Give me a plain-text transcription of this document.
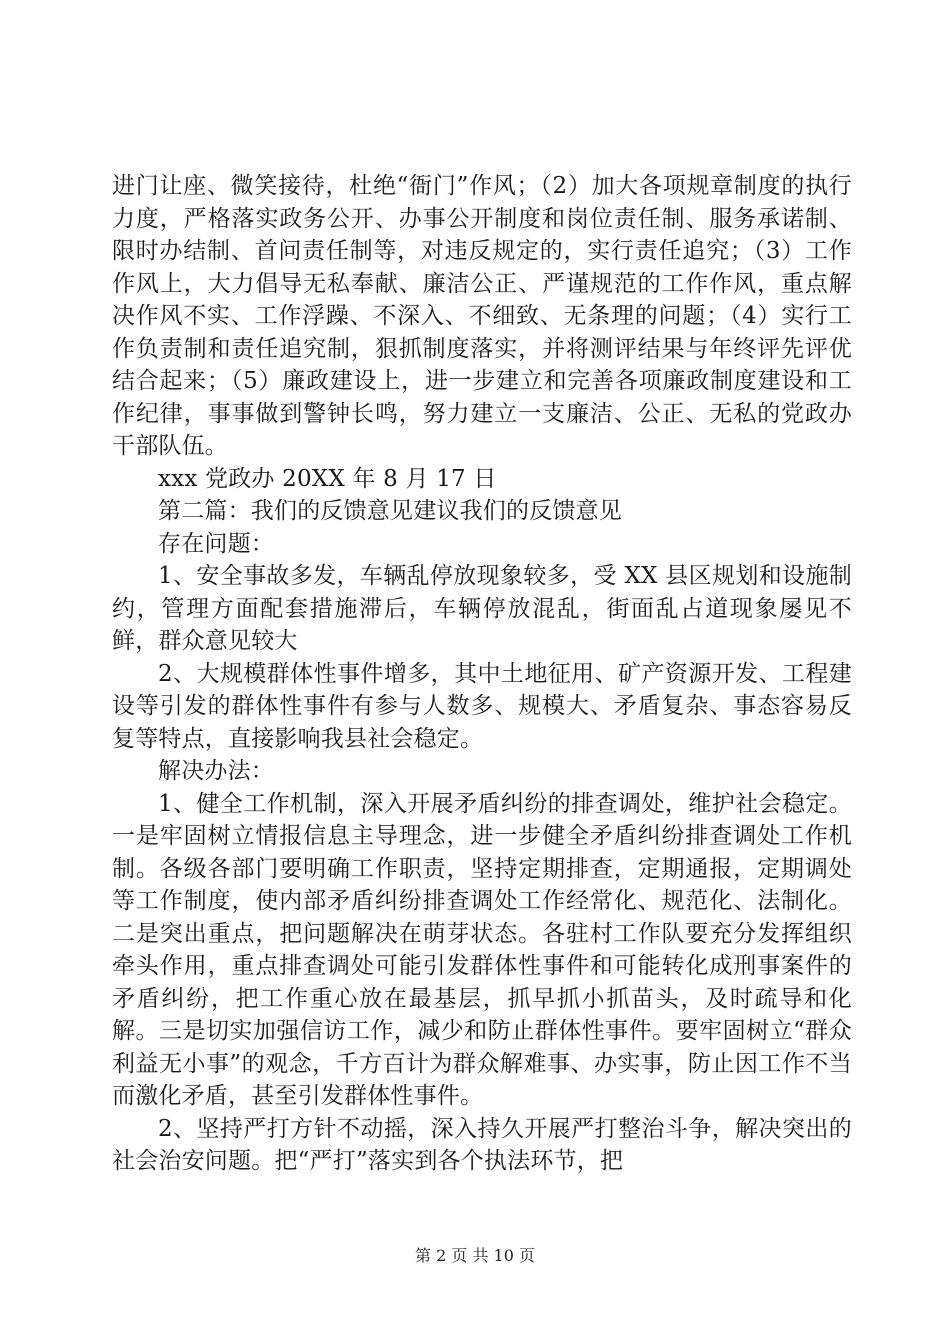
进门让座、微笑接待，杜绝“衙门”作风；（2）加大各项规章制度的执行力度，严格落实政务公开、办事公开制度和岗位责任制、服务承诺制、限时办结制、首问责任制等，对违反规定的，实行责任追究；（3）工作作风上，大力倡导无私奉献、廉洁公正、严谨规范的工作作风，重点解决作风不实、工作浮躁、不深入、不细致、无条理的问题；（4）实行工作负责制和责任追究制，狠抓制度落实，并将测评结果与年终评先评优结合起来；（5）廉政建设上，进一步建立和完善各项廉政制度建设和工作纪律，事事做到警钟长鸣，努力建立一支廉洁、公正、无私的党政办干部队伍。

xxx 党政办 20XX 年 8 月 17 日

第二篇：我们的反馈意见建议我们的反馈意见

存在问题：

1、安全事故多发，车辆乱停放现象较多，受 XX 县区规划和设施制约，管理方面配套措施滞后，车辆停放混乱，街面乱占道现象屡见不鲜，群众意见较大

2、大规模群体性事件增多，其中土地征用、矿产资源开发、工程建设等引发的群体性事件有参与人数多、规模大、矛盾复杂、事态容易反复等特点，直接影响我县社会稳定。

解决办法：

1、健全工作机制，深入开展矛盾纠纷的排查调处，维护社会稳定。一是牢固树立情报信息主导理念，进一步健全矛盾纠纷排查调处工作机制。各级各部门要明确工作职责，坚持定期排查，定期通报，定期调处等工作制度，使内部矛盾纠纷排查调处工作经常化、规范化、法制化。二是突出重点，把问题解决在萌芽状态。各驻村工作队要充分发挥组织牵头作用，重点排查调处可能引发群体性事件和可能转化成刑事案件的矛盾纠纷，把工作重心放在最基层，抓早抓小抓苗头，及时疏导和化解。三是切实加强信访工作，减少和防止群体性事件。要牢固树立“群众利益无小事”的观念，千方百计为群众解难事、办实事，防止因工作不当而激化矛盾，甚至引发群体性事件。

2、坚持严打方针不动摇，深入持久开展严打整治斗争，解决突出的社会治安问题。把“严打”落实到各个执法环节，把

第 2 页 共 10 页
